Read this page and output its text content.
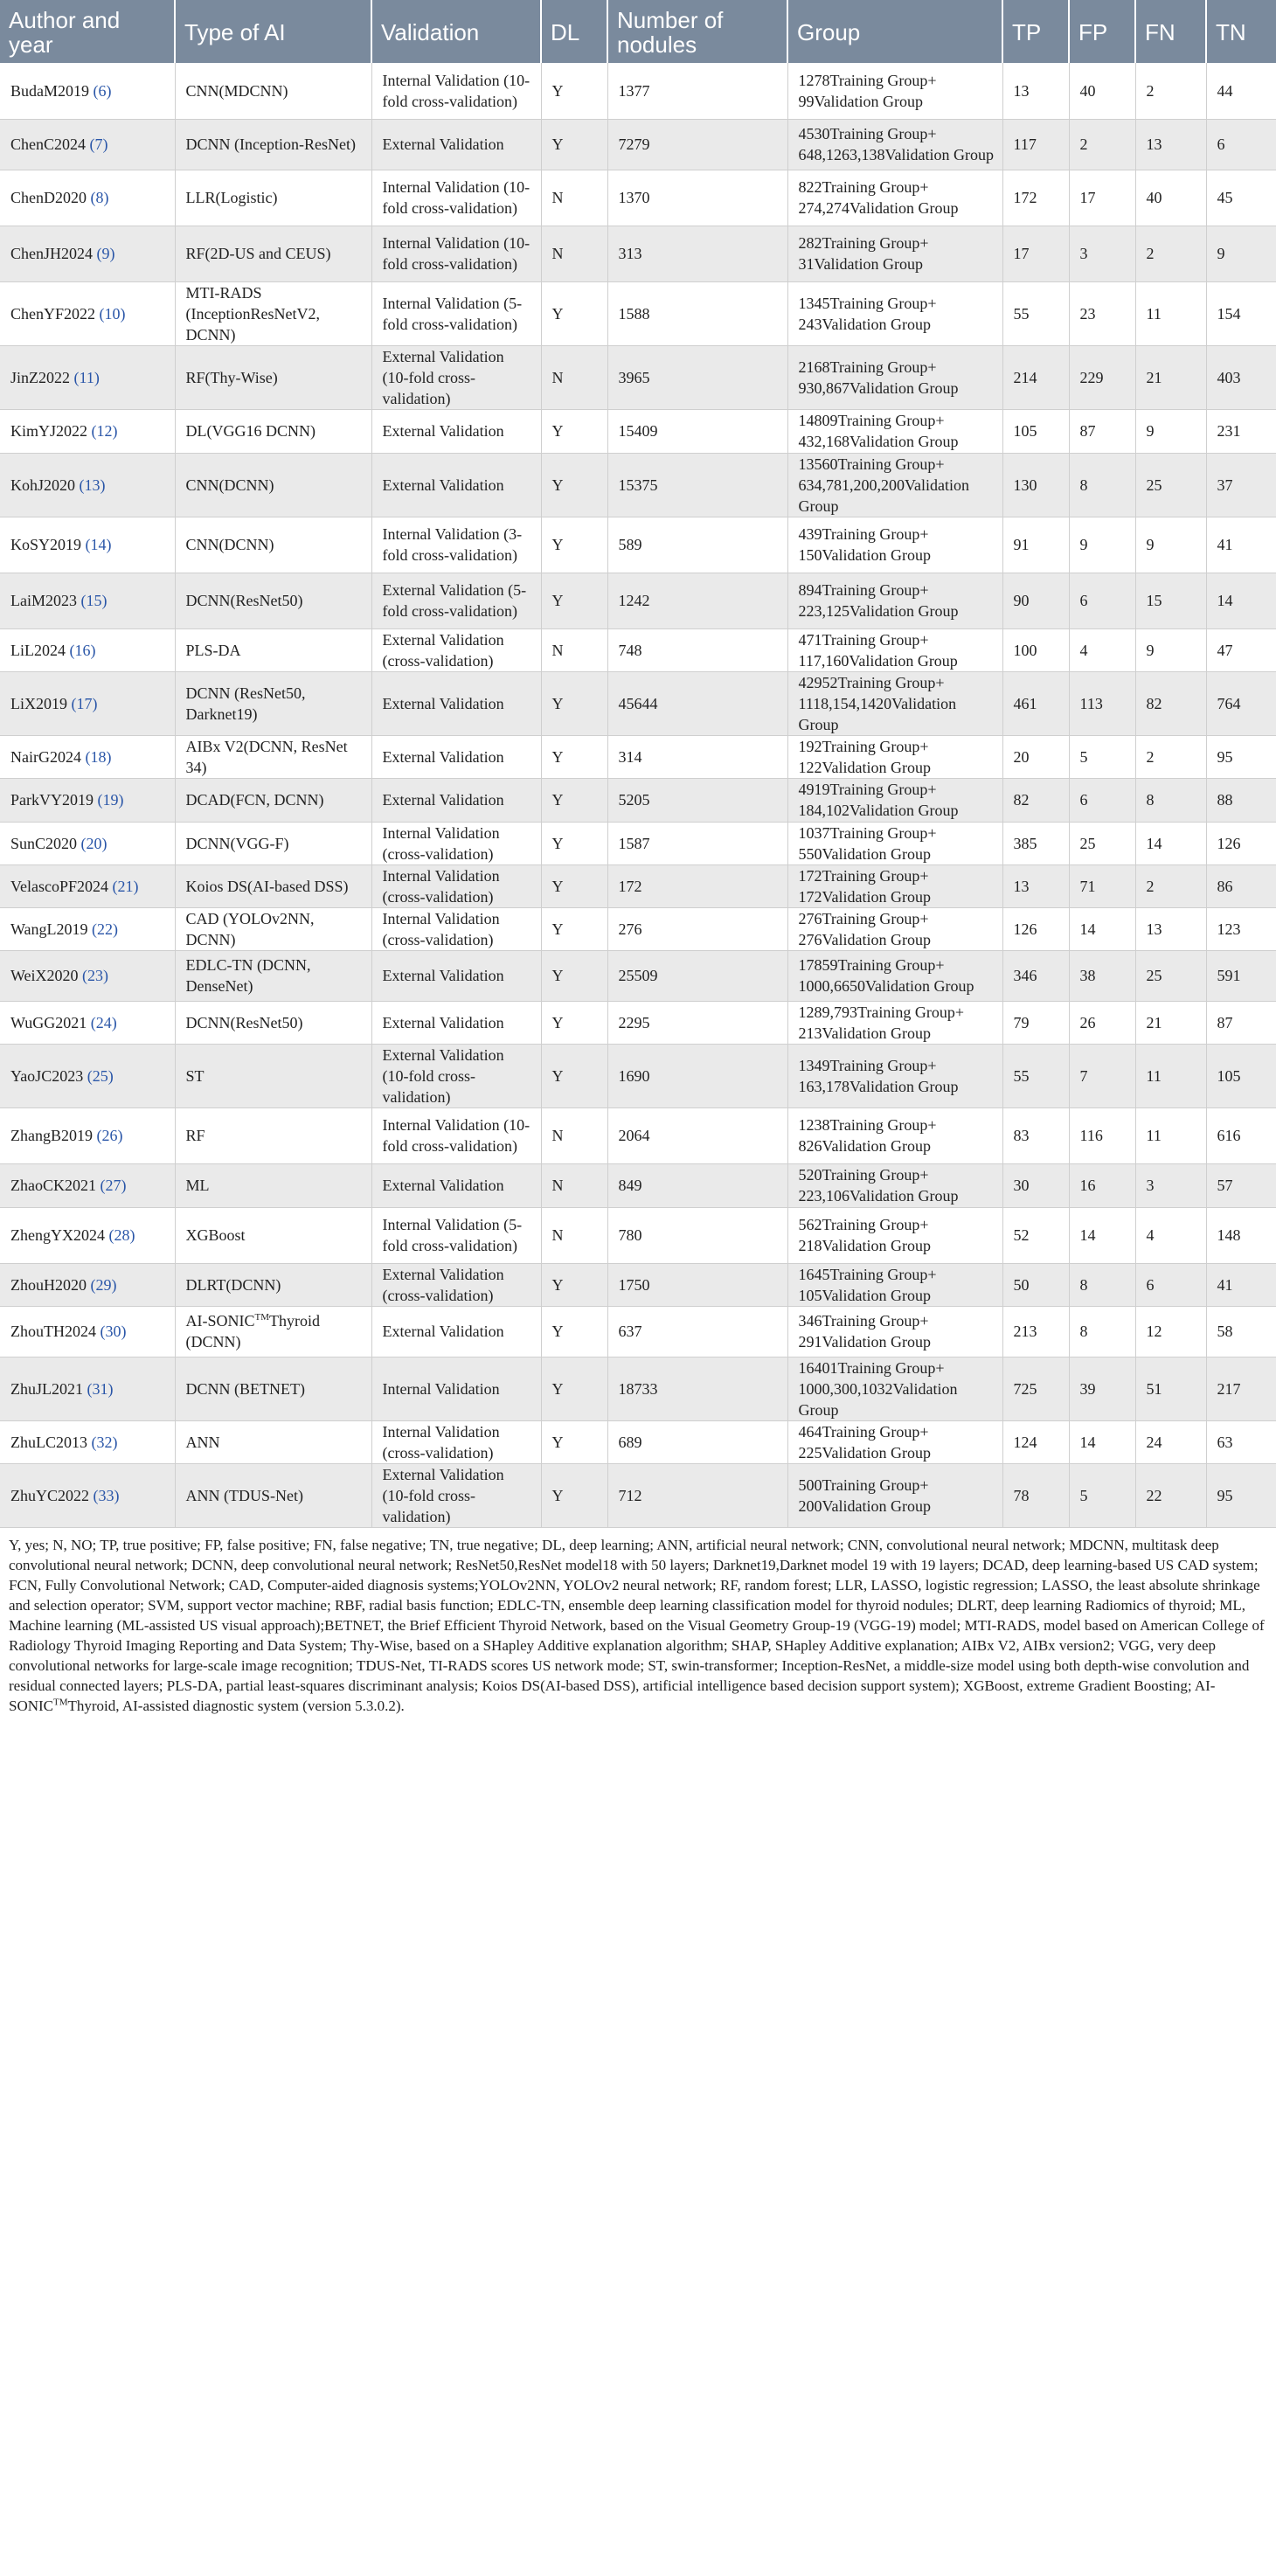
Author and year	Type of AI	Validation	DL	Number of nodules	Group	TP	FP	FN	TN
BudaM2019 (6)	CNN(MDCNN)	Internal Validation (10-fold cross-validation)	Y	1377	1278Training Group+ 99Validation Group	13	40	2	44
ChenC2024 (7)	DCNN (Inception-ResNet)	External Validation	Y	7279	4530Training Group+ 648,1263,138Validation Group	117	2	13	6
ChenD2020 (8)	LLR(Logistic)	Internal Validation (10-fold cross-validation)	N	1370	822Training Group+ 274,274Validation Group	172	17	40	45
ChenJH2024 (9)	RF(2D-US and CEUS)	Internal Validation (10-fold cross-validation)	N	313	282Training Group+ 31Validation Group	17	3	2	9
ChenYF2022 (10)	MTI-RADS (InceptionResNetV2, DCNN)	Internal Validation (5-fold cross-validation)	Y	1588	1345Training Group+ 243Validation Group	55	23	11	154
JinZ2022 (11)	RF(Thy-Wise)	External Validation (10-fold cross-validation)	N	3965	2168Training Group+ 930,867Validation Group	214	229	21	403
KimYJ2022 (12)	DL(VGG16 DCNN)	External Validation	Y	15409	14809Training Group+ 432,168Validation Group	105	87	9	231
KohJ2020 (13)	CNN(DCNN)	External Validation	Y	15375	13560Training Group+ 634,781,200,200Validation Group	130	8	25	37
KoSY2019 (14)	CNN(DCNN)	Internal Validation (3-fold cross-validation)	Y	589	439Training Group+ 150Validation Group	91	9	9	41
LaiM2023 (15)	DCNN(ResNet50)	External Validation (5-fold cross-validation)	Y	1242	894Training Group+ 223,125Validation Group	90	6	15	14
LiL2024 (16)	PLS-DA	External Validation (cross-validation)	N	748	471Training Group+ 117,160Validation Group	100	4	9	47
LiX2019 (17)	DCNN (ResNet50, Darknet19)	External Validation	Y	45644	42952Training Group+ 1118,154,1420Validation Group	461	113	82	764
NairG2024 (18)	AIBx V2(DCNN, ResNet 34)	External Validation	Y	314	192Training Group+ 122Validation Group	20	5	2	95
ParkVY2019 (19)	DCAD(FCN, DCNN)	External Validation	Y	5205	4919Training Group+ 184,102Validation Group	82	6	8	88
SunC2020 (20)	DCNN(VGG-F)	Internal Validation (cross-validation)	Y	1587	1037Training Group+ 550Validation Group	385	25	14	126
VelascoPF2024 (21)	Koios DS(AI-based DSS)	Internal Validation (cross-validation)	Y	172	172Training Group+ 172Validation Group	13	71	2	86
WangL2019 (22)	CAD (YOLOv2NN, DCNN)	Internal Validation (cross-validation)	Y	276	276Training Group+ 276Validation Group	126	14	13	123
WeiX2020 (23)	EDLC-TN (DCNN, DenseNet)	External Validation	Y	25509	17859Training Group+ 1000,6650Validation Group	346	38	25	591
WuGG2021 (24)	DCNN(ResNet50)	External Validation	Y	2295	1289,793Training Group+ 213Validation Group	79	26	21	87
YaoJC2023 (25)	ST	External Validation (10-fold cross-validation)	Y	1690	1349Training Group+ 163,178Validation Group	55	7	11	105
ZhangB2019 (26)	RF	Internal Validation (10-fold cross-validation)	N	2064	1238Training Group+ 826Validation Group	83	116	11	616
ZhaoCK2021 (27)	ML	External Validation	N	849	520Training Group+ 223,106Validation Group	30	16	3	57
ZhengYX2024 (28)	XGBoost	Internal Validation (5-fold cross-validation)	N	780	562Training Group+ 218Validation Group	52	14	4	148
ZhouH2020 (29)	DLRT(DCNN)	External Validation (cross-validation)	Y	1750	1645Training Group+ 105Validation Group	50	8	6	41
ZhouTH2024 (30)	AI-SONIC™Thyroid (DCNN)	External Validation	Y	637	346Training Group+ 291Validation Group	213	8	12	58
ZhuJL2021 (31)	DCNN (BETNET)	Internal Validation	Y	18733	16401Training Group+ 1000,300,1032Validation Group	725	39	51	217
ZhuLC2013 (32)	ANN	Internal Validation (cross-validation)	Y	689	464Training Group+ 225Validation Group	124	14	24	63
ZhuYC2022 (33)	ANN (TDUS-Net)	External Validation (10-fold cross-validation)	Y	712	500Training Group+ 200Validation Group	78	5	22	95
Y, yes; N, NO; TP, true positive; FP, false positive; FN, false negative; TN, true negative; DL, deep learning; ANN, artificial neural network; CNN, convolutional neural network; MDCNN, multitask deep convolutional neural network; DCNN, deep convolutional neural network; ResNet50,ResNet model18 with 50 layers; Darknet19,Darknet model 19 with 19 layers; DCAD, deep learning-based US CAD system; FCN, Fully Convolutional Network; CAD, Computer-aided diagnosis systems;YOLOv2NN, YOLOv2 neural network; RF, random forest; LLR, LASSO, logistic regression; LASSO, the least absolute shrinkage and selection operator; SVM, support vector machine; RBF, radial basis function; EDLC-TN, ensemble deep learning classification model for thyroid nodules; DLRT, deep learning Radiomics of thyroid; ML, Machine learning (ML-assisted US visual approach);BETNET, the Brief Efficient Thyroid Network, based on the Visual Geometry Group-19 (VGG-19) model; MTI-RADS, model based on American College of Radiology Thyroid Imaging Reporting and Data System; Thy-Wise, based on a SHapley Additive explanation algorithm; SHAP, SHapley Additive explanation; AIBx V2, AIBx version2; VGG, very deep convolutional networks for large-scale image recognition; TDUS-Net, TI-RADS scores US network mode; ST, swin-transformer; Inception-ResNet, a middle-size model using both depth-wise convolution and residual connected layers; PLS-DA, partial least-squares discriminant analysis; Koios DS(AI-based DSS), artificial intelligence based decision support system); XGBoost, extreme Gradient Boosting; AI-SONIC™Thyroid, AI-assisted diagnostic system (version 5.3.0.2).
